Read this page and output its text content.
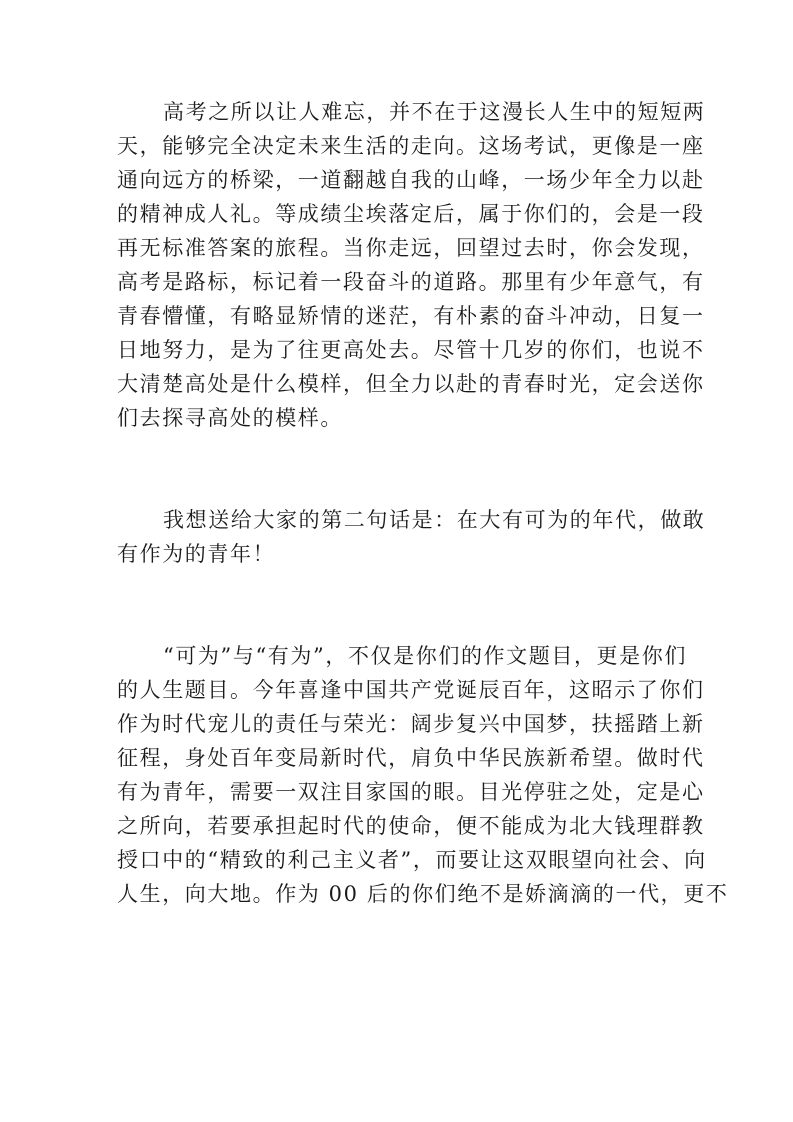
高考之所以让人难忘，并不在于这漫长人生中的短短两
天，能够完全决定未来生活的走向。这场考试，更像是一座
通向远方的桥梁，一道翻越自我的山峰，一场少年全力以赴
的精神成人礼。等成绩尘埃落定后，属于你们的，会是一段
再无标准答案的旅程。当你走远，回望过去时，你会发现，
高考是路标，标记着一段奋斗的道路。那里有少年意气，有
青春懵懂，有略显矫情的迷茫，有朴素的奋斗冲动，日复一
日地努力，是为了往更高处去。尽管十几岁的你们，也说不
大清楚高处是什么模样，但全力以赴的青春时光，定会送你
们去探寻高处的模样。
我想送给大家的第二句话是：在大有可为的年代，做敢
有作为的青年！
“可为”与“有为”，不仅是你们的作文题目，更是你们
的人生题目。今年喜逢中国共产党诞辰百年，这昭示了你们
作为时代宠儿的责任与荣光：阔步复兴中国梦，扶摇踏上新
征程，身处百年变局新时代，肩负中华民族新希望。做时代
有为青年，需要一双注目家国的眼。目光停驻之处，定是心
之所向，若要承担起时代的使命，便不能成为北大钱理群教
授口中的“精致的利己主义者”，而要让这双眼望向社会、向
人生，向大地。作为 00 后的你们绝不是娇滴滴的一代，更不
